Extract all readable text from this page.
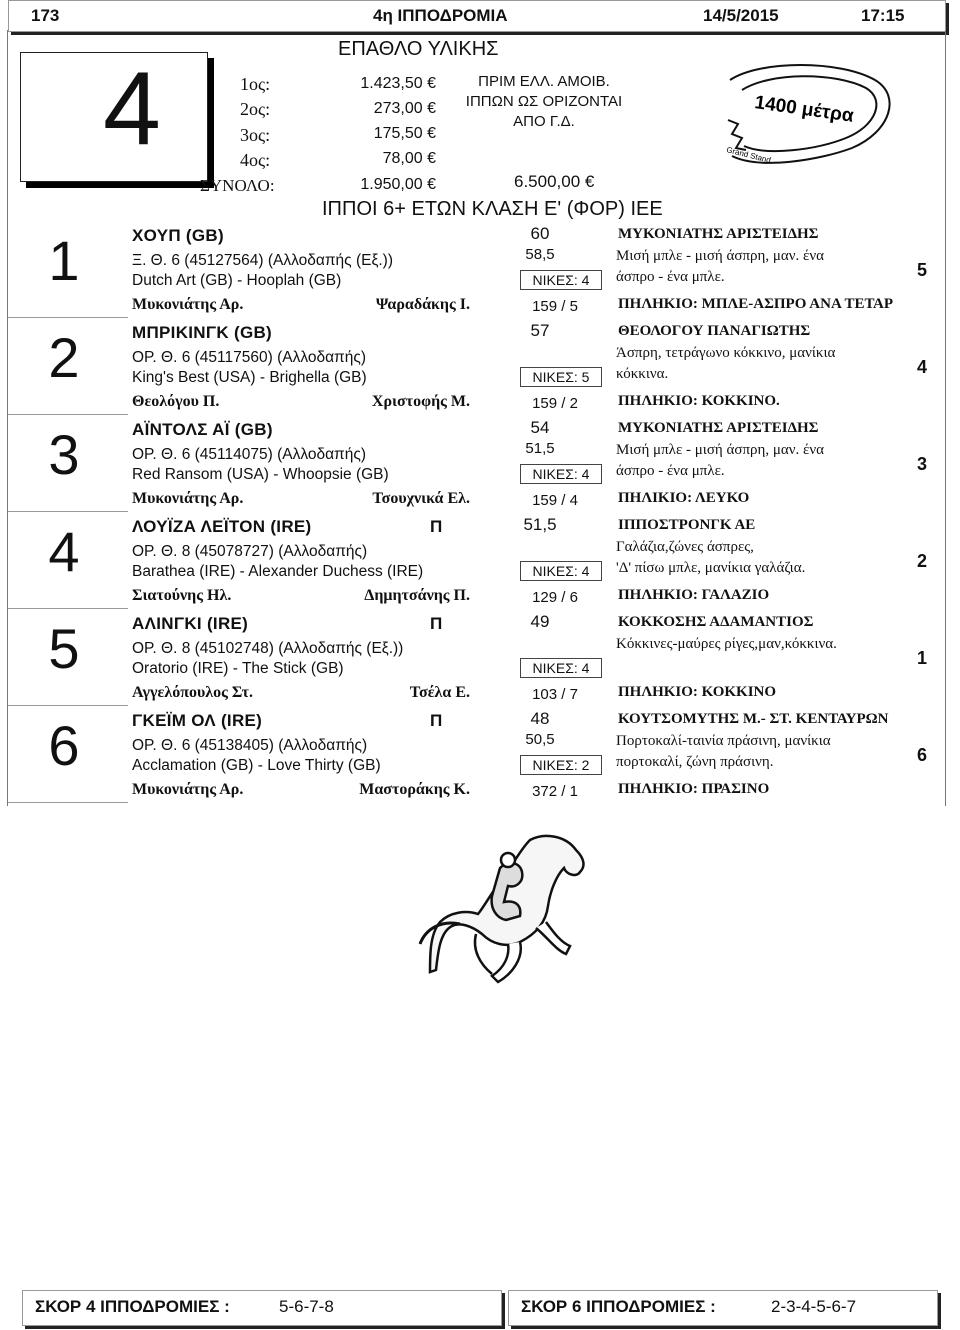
173	4η ΙΠΠΟΔΡΟΜΙΑ	14/5/2015	17:15
4
ΕΠΑΘΛΟ ΥΛΙΚΗΣ
1ος:	1.423,50 €
2ος:	273,00 €
3ος:	175,50 €
4ος:	78,00 €
ΣΥΝΟΛΟ:	1.950,00 €
ΠΡΙΜ ΕΛΛ. ΑΜΟΙΒ.
ΙΠΠΩΝ ΩΣ ΟΡΙΖΟΝΤΑΙ
ΑΠΟ Γ.Δ.
6.500,00 €
1400 μέτρα
Grand Stand
ΙΠΠΟΙ 6+ ΕΤΩΝ ΚΛΑΣΗ Ε' (ΦΟΡ) ΙΕΕ
1	ΧΟΥΠ (GB)
Ξ. Θ. 6 (45127564) (Αλλοδαπής (Εξ.))
Dutch Art (GB) - Hooplah (GB)
Μυκονιάτης Αρ.	Ψαραδάκης Ι.
60
58,5
ΝΙΚΕΣ: 4
159 / 5
ΜΥΚΟΝΙΑΤΗΣ ΑΡΙΣΤΕΙΔΗΣ
Μισή μπλε - μισή άσπρη, μαν. ένα
άσπρο - ένα μπλε.
ΠΗΛΗΚΙΟ: ΜΠΛΕ-ΑΣΠΡΟ ΑΝΑ ΤΕΤΑΡ
5
2	ΜΠΡΙΚΙΝΓΚ (GB)
ΟΡ. Θ. 6 (45117560) (Αλλοδαπής)
King's Best (USA) - Brighella (GB)
Θεολόγου Π.	Χριστοφής Μ.
57
ΝΙΚΕΣ: 5
159 / 2
ΘΕΟΛΟΓΟΥ ΠΑΝΑΓΙΩΤΗΣ
Άσπρη, τετράγωνο κόκκινο, μανίκια
κόκκινα.
ΠΗΛΗΚΙΟ: ΚΟΚΚΙΝΟ.
4
3	ΑΪΝΤΟΛΣ ΑΪ (GB)
ΟΡ. Θ. 6 (45114075) (Αλλοδαπής)
Red Ransom (USA) - Whoopsie (GB)
Μυκονιάτης Αρ.	Τσουχνικά Ελ.
54
51,5
ΝΙΚΕΣ: 4
159 / 4
ΜΥΚΟΝΙΑΤΗΣ ΑΡΙΣΤΕΙΔΗΣ
Μισή μπλε - μισή άσπρη, μαν. ένα
άσπρο - ένα μπλε.
ΠΗΛΙΚΙΟ: ΛΕΥΚΟ
3
4	ΛΟΥΪΖΑ ΛΕΪΤΟΝ (IRE)	Π
ΟΡ. Θ. 8 (45078727) (Αλλοδαπής)
Barathea (IRE) - Alexander Duchess (IRE)
Σιατούνης Ηλ.	Δημητσάνης Π.
51,5
ΝΙΚΕΣ: 4
129 / 6
ΙΠΠΟΣΤΡΟΝΓΚ ΑΕ
Γαλάζια,ζώνες άσπρες,
'Δ' πίσω μπλε, μανίκια γαλάζια.
ΠΗΛΗΚΙΟ: ΓΑΛΑΖΙΟ
2
5	ΑΛΙΝΓΚΙ (IRE)	Π
ΟΡ. Θ. 8 (45102748) (Αλλοδαπής (Εξ.))
Oratorio (IRE) - The Stick (GB)
Αγγελόπουλος Στ.	Τσέλα Ε.
49
ΝΙΚΕΣ: 4
103 / 7
ΚΟΚΚΟΣΗΣ ΑΔΑΜΑΝΤΙΟΣ
Κόκκινες-μαύρες ρίγες,μαν,κόκκινα.
ΠΗΛΗΚΙΟ: ΚΟΚΚΙΝΟ
1
6	ΓΚΕΪΜ ΟΛ (IRE)	Π
ΟΡ. Θ. 6 (45138405) (Αλλοδαπής)
Acclamation (GB) - Love Thirty (GB)
Μυκονιάτης Αρ.	Μαστοράκης Κ.
48
50,5
ΝΙΚΕΣ: 2
372 / 1
ΚΟΥΤΣΟΜΥΤΗΣ Μ.- ΣΤ. ΚΕΝΤΑΥΡΩΝ
Πορτοκαλί-ταινία πράσινη, μανίκια
πορτοκαλί, ζώνη πράσινη.
ΠΗΛΗΚΙΟ: ΠΡΑΣΙΝΟ
6
ΣΚΟΡ 4 ΙΠΠΟΔΡΟΜΙΕΣ :	5-6-7-8	ΣΚΟΡ 6 ΙΠΠΟΔΡΟΜΙΕΣ :	2-3-4-5-6-7
